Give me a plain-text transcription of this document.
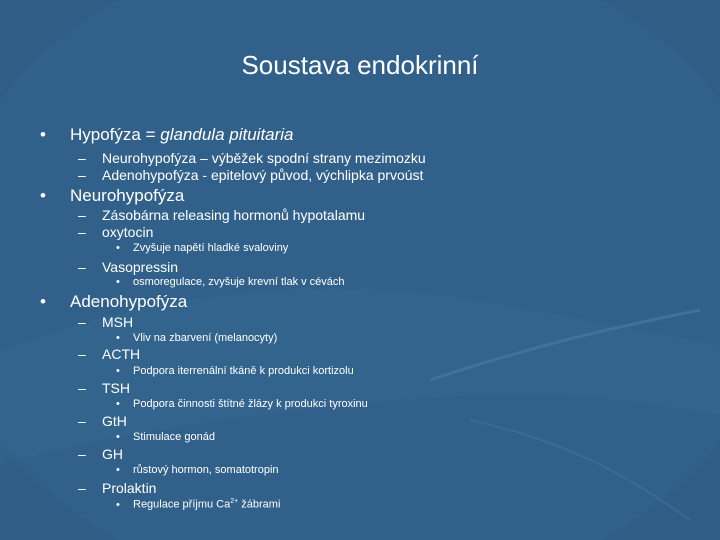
Soustava endokrinní
• Hypofýza = glandula pituitaria
– Neurohypofýza – výběžek spodní strany mezimozku
– Adenohypofýza - epitelový původ, výchlipka prvoúst
• Neurohypofýza
– Zásobárna releasing hormonů hypotalamu
– oxytocin
• Zvyšuje napětí hladké svaloviny
– Vasopressin
• osmoregulace, zvyšuje krevní tlak v cévách
• Adenohypofýza
– MSH
• Vliv na zbarvení (melanocyty)
– ACTH
• Podpora iterrenální tkáně k produkci kortizolu
– TSH
• Podpora činnosti štítné žlázy k produkci tyroxinu
– GtH
• Stimulace gonád
– GH
• růstový hormon, somatotropin
– Prolaktin
• Regulace příjmu $Ca^{2+}$ žábrami
